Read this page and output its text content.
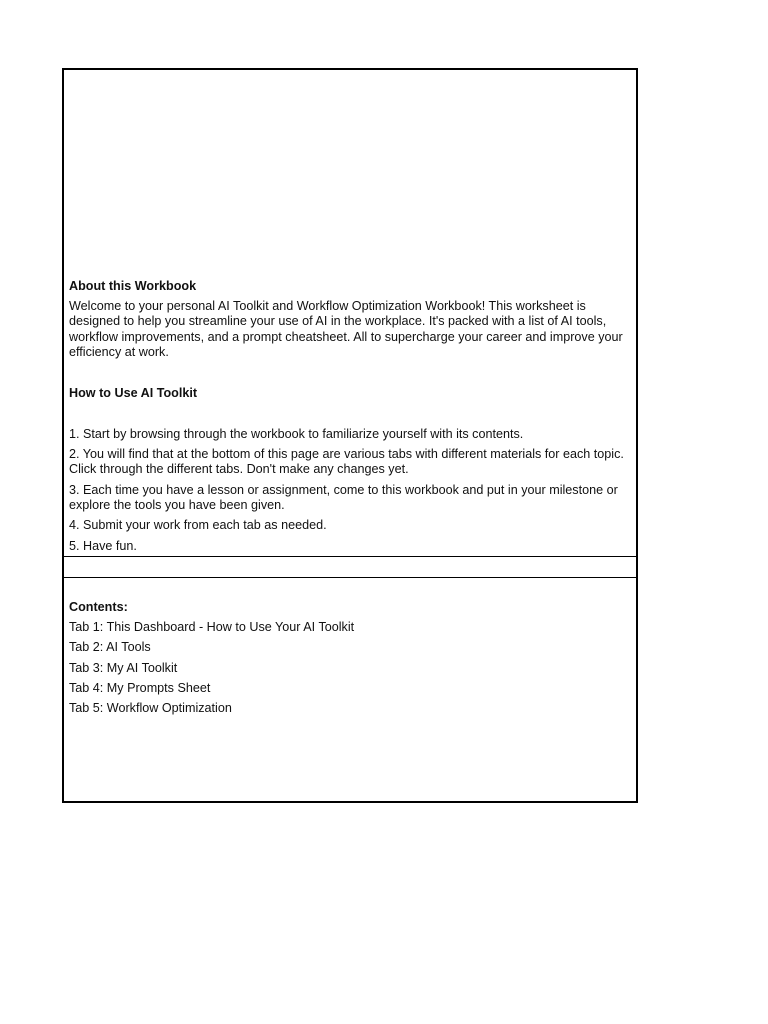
About this Workbook
Welcome to your personal AI Toolkit and Workflow Optimization Workbook! This worksheet is designed to help you streamline your use of AI in the workplace. It's packed with a list of AI tools, workflow improvements, and a prompt cheatsheet. All to supercharge your career and improve your efficiency at work.
How to Use AI Toolkit
1. Start by browsing through the workbook to familiarize yourself with its contents.
2. You will find that at the bottom of this page are various tabs with different materials for each topic. Click through the different tabs. Don't make any changes yet.
3. Each time you have a lesson or assignment, come to this workbook and put in your milestone or explore the tools you have been given.
4. Submit your work from each tab as needed.
5. Have fun.
Contents:
Tab 1: This Dashboard - How to Use Your AI Toolkit
Tab 2: AI Tools
Tab 3: My AI Toolkit
Tab 4: My Prompts Sheet
Tab 5: Workflow Optimization
